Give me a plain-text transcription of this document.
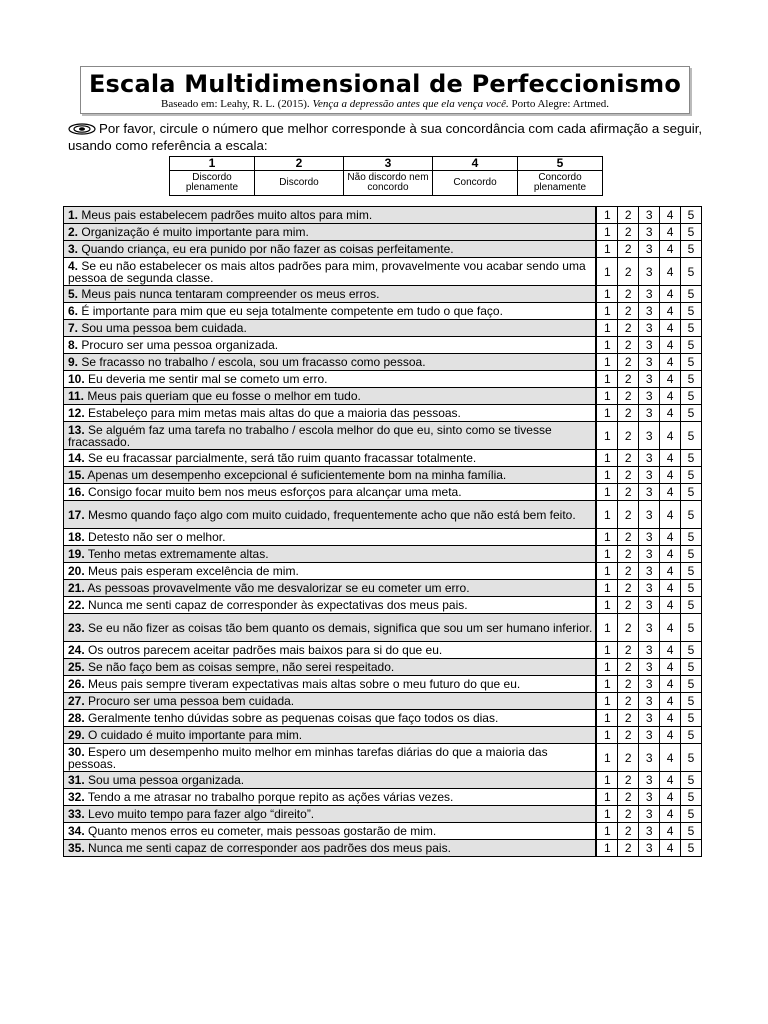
Escala Multidimensional de Perfeccionismo
Baseado em: Leahy, R. L. (2015). Vença a depressão antes que ela vença você. Porto Alegre: Artmed.
Por favor, circule o número que melhor corresponde à sua concordância com cada afirmação a seguir, usando como referência a escala:
1	2	3	4	5
Discordo plenamente	Discordo	Não discordo nem concordo	Concordo	Concordo plenamente
1. Meus pais estabelecem padrões muito altos para mim.	1	2	3	4	5
2. Organização é muito importante para mim.	1	2	3	4	5
3. Quando criança, eu era punido por não fazer as coisas perfeitamente.	1	2	3	4	5
4. Se eu não estabelecer os mais altos padrões para mim, provavelmente vou acabar sendo uma pessoa de segunda classe.	1	2	3	4	5
5. Meus pais nunca tentaram compreender os meus erros.	1	2	3	4	5
6. É importante para mim que eu seja totalmente competente em tudo o que faço.	1	2	3	4	5
7. Sou uma pessoa bem cuidada.	1	2	3	4	5
8. Procuro ser uma pessoa organizada.	1	2	3	4	5
9. Se fracasso no trabalho / escola, sou um fracasso como pessoa.	1	2	3	4	5
10. Eu deveria me sentir mal se cometo um erro.	1	2	3	4	5
11. Meus pais queriam que eu fosse o melhor em tudo.	1	2	3	4	5
12. Estabeleço para mim metas mais altas do que a maioria das pessoas.	1	2	3	4	5
13. Se alguém faz uma tarefa no trabalho / escola melhor do que eu, sinto como se tivesse fracassado.	1	2	3	4	5
14. Se eu fracassar parcialmente, será tão ruim quanto fracassar totalmente.	1	2	3	4	5
15. Apenas um desempenho excepcional é suficientemente bom na minha família.	1	2	3	4	5
16. Consigo focar muito bem nos meus esforços para alcançar uma meta.	1	2	3	4	5
17. Mesmo quando faço algo com muito cuidado, frequentemente acho que não está bem feito.	1	2	3	4	5
18. Detesto não ser o melhor.	1	2	3	4	5
19. Tenho metas extremamente altas.	1	2	3	4	5
20. Meus pais esperam excelência de mim.	1	2	3	4	5
21. As pessoas provavelmente vão me desvalorizar se eu cometer um erro.	1	2	3	4	5
22. Nunca me senti capaz de corresponder às expectativas dos meus pais.	1	2	3	4	5
23. Se eu não fizer as coisas tão bem quanto os demais, significa que sou um ser humano inferior.	1	2	3	4	5
24. Os outros parecem aceitar padrões mais baixos para si do que eu.	1	2	3	4	5
25. Se não faço bem as coisas sempre, não serei respeitado.	1	2	3	4	5
26. Meus pais sempre tiveram expectativas mais altas sobre o meu futuro do que eu.	1	2	3	4	5
27. Procuro ser uma pessoa bem cuidada.	1	2	3	4	5
28. Geralmente tenho dúvidas sobre as pequenas coisas que faço todos os dias.	1	2	3	4	5
29. O cuidado é muito importante para mim.	1	2	3	4	5
30. Espero um desempenho muito melhor em minhas tarefas diárias do que a maioria das pessoas.	1	2	3	4	5
31. Sou uma pessoa organizada.	1	2	3	4	5
32. Tendo a me atrasar no trabalho porque repito as ações várias vezes.	1	2	3	4	5
33. Levo muito tempo para fazer algo “direito”.	1	2	3	4	5
34. Quanto menos erros eu cometer, mais pessoas gostarão de mim.	1	2	3	4	5
35. Nunca me senti capaz de corresponder aos padrões dos meus pais.	1	2	3	4	5
